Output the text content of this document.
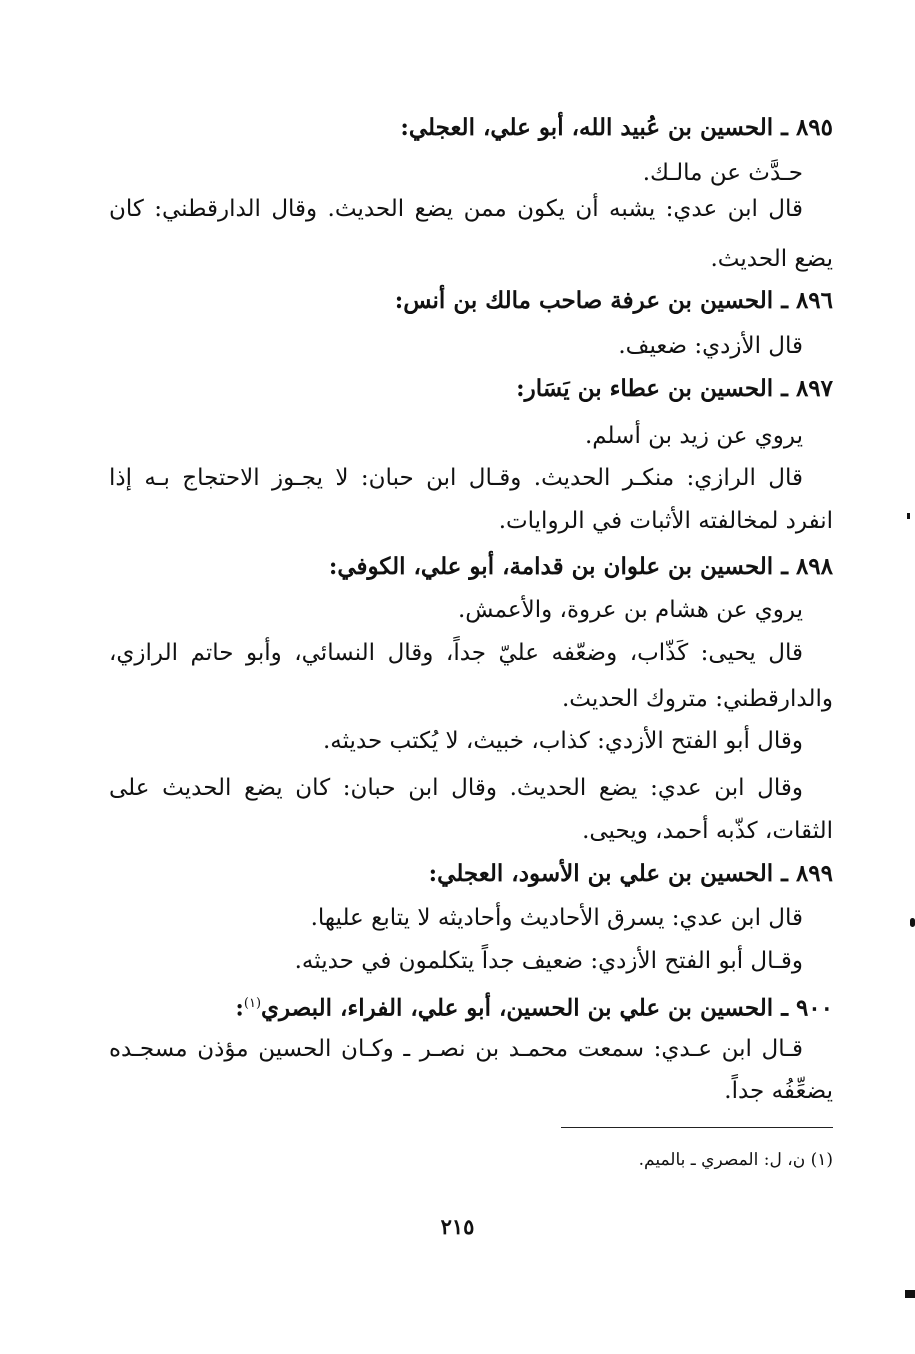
٨٩٥ ـ الحسين بن عُبيد الله، أبو علي، العجلي:
حـدَّث عن مالـك.
قال ابن عدي: يشبه أن يكون ممن يضع الحديث. وقال الدارقطني: كان
يضع الحديث.
٨٩٦ ـ الحسين بن عرفة صاحب مالك بن أنس:
قال الأزدي: ضعيف.
٨٩٧ ـ الحسين بن عطاء بن يَسَار:
يروي عن زيد بن أسلم.
قال الرازي: منكـر الحديث. وقـال ابن حبان: لا يجـوز الاحتجاج بـه إذا
انفرد لمخالفته الأثبات في الروايات.
٨٩٨ ـ الحسين بن علوان بن قدامة، أبو علي، الكوفي:
يروي عن هشام بن عروة، والأعمش.
قال يحيى: كَذّاب، وضعّفه عليّ جداً، وقال النسائي، وأبو حاتم الرازي،
والدارقطني: متروك الحديث.
وقال أبو الفتح الأزدي: كذاب، خبيث، لا يُكتب حديثه.
وقال ابن عدي: يضع الحديث. وقال ابن حبان: كان يضع الحديث على
الثقات، كذّبه أحمد، ويحيى.
٨٩٩ ـ الحسين بن علي بن الأسود، العجلي:
قال ابن عدي: يسرق الأحاديث وأحاديثه لا يتابع عليها.
وقـال أبو الفتح الأزدي: ضعيف جداً يتكلمون في حديثه.
٩٠٠ ـ الحسين بن علي بن الحسين، أبو علي، الفراء، البصري$^{(١)}$:
قـال ابن عـدي: سمعت محمـد بن نصـر ـ وكـان الحسين مؤذن مسجـده
يضعِّفُه جداً.
(١) ن، ل: المصري ـ بالميم.
٢١٥
